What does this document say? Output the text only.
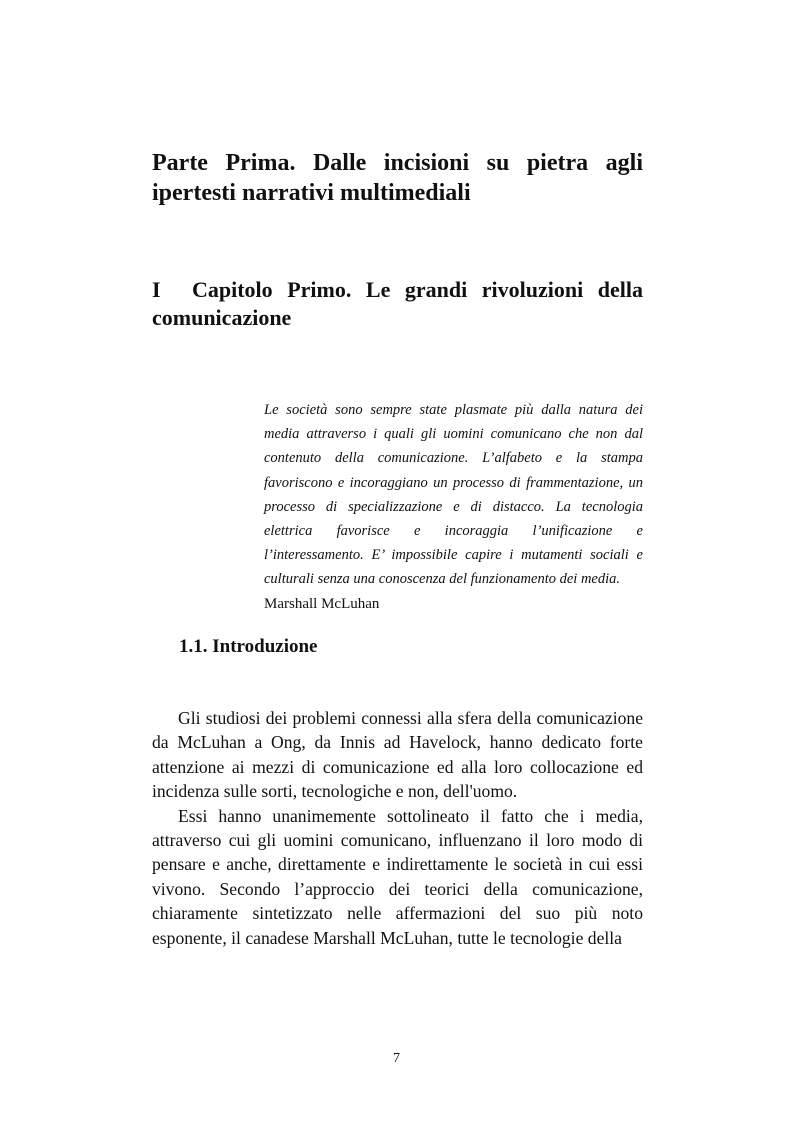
Parte Prima. Dalle incisioni su pietra agli ipertesti narrativi multimediali
I Capitolo Primo. Le grandi rivoluzioni della comunicazione

Le società sono sempre state plasmate più dalla natura dei media attraverso i quali gli uomini comunicano che non dal contenuto della comunicazione. L’alfabeto e la stampa favoriscono e incoraggiano un processo di frammentazione, un processo di specializzazione e di distacco. La tecnologia elettrica favorisce e incoraggia l’unificazione e l’interessamento. E’ impossibile capire i mutamenti sociali e culturali senza una conoscenza del funzionamento dei media.

Marshall McLuhan

1.1. Introduzione

Gli studiosi dei problemi connessi alla sfera della comunicazione da McLuhan a Ong, da Innis ad Havelock, hanno dedicato forte attenzione ai mezzi di comunicazione ed alla loro collocazione ed incidenza sulle sorti, tecnologiche e non, dell'uomo.

Essi hanno unanimemente sottolineato il fatto che i media, attraverso cui gli uomini comunicano, influenzano il loro modo di pensare e anche, direttamente e indirettamente le società in cui essi vivono. Secondo l’approccio dei teorici della comunicazione, chiaramente sintetizzato nelle affermazioni del suo più noto esponente, il canadese Marshall McLuhan, tutte le tecnologie della

7
